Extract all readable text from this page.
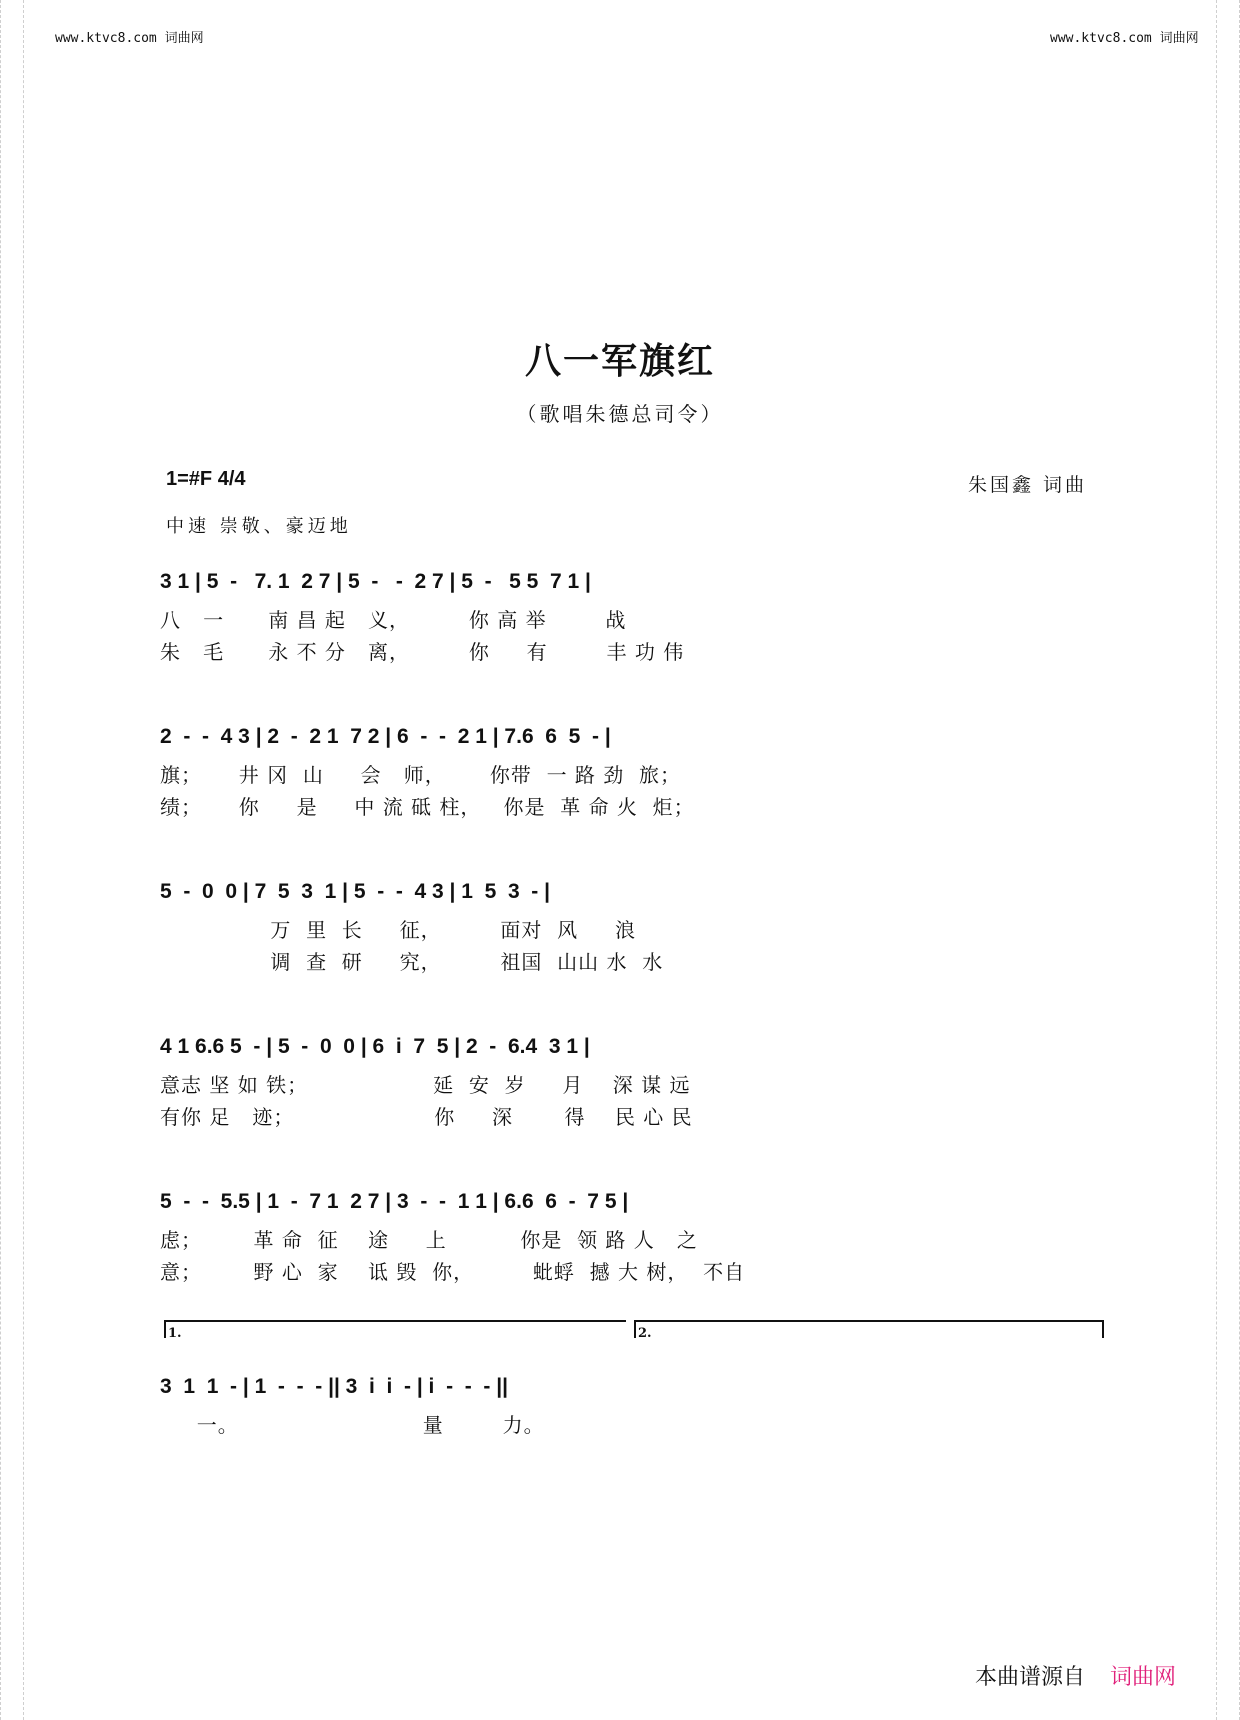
www.ktvc8.com 词曲网	www.ktvc8.com 词曲网
八一军旗红
（歌唱朱德总司令）
1=#F 4/4	朱国鑫 词曲
中速 崇敬、豪迈地
3 1 | 5  -   7. 1  2 7 | 5  -   -  2 7 | 5  -   5 5  7 1 |
八   一      南 昌 起   义，        你 高 举        战
朱   毛      永 不 分   离，        你     有        丰 功 伟
2  -  -  4 3 | 2  -  2 1  7 2 | 6  -  -  2 1 | 7.6  6  5  - |
旗；     井 冈  山     会   师，      你带  一 路 劲  旅；
绩；     你     是     中 流 砥 柱，   你是  革 命 火  炬；
5  -  0  0 | 7  5  3  1 | 5  -  -  4 3 | 1  5  3  - |
万  里  长     征，        面对  风     浪
调  查  研     究，        祖国  山山 水  水
4 1 6.6 5  - | 5  -  0  0 | 6  i  7  5 | 2  -  6.4  3 1 |
意志 坚 如 铁；                 延  安  岁     月    深 谋 远
有你 足   迹；                   你     深       得    民 心 民
5  -  -  5.5 | 1  -  7 1  2 7 | 3  -  -  1 1 | 6.6  6  -  7 5 |
虑；       革 命  征    途     上          你是  领 路 人   之
意；       野 心  家    诋 毁  你，        蚍蜉  撼 大 树，  不自
1.	2.
3  1  1  - | 1  -  -  - || 3  i  i  - | i  -  -  - ||
一。                         量        力。
本曲谱源自 词曲网
